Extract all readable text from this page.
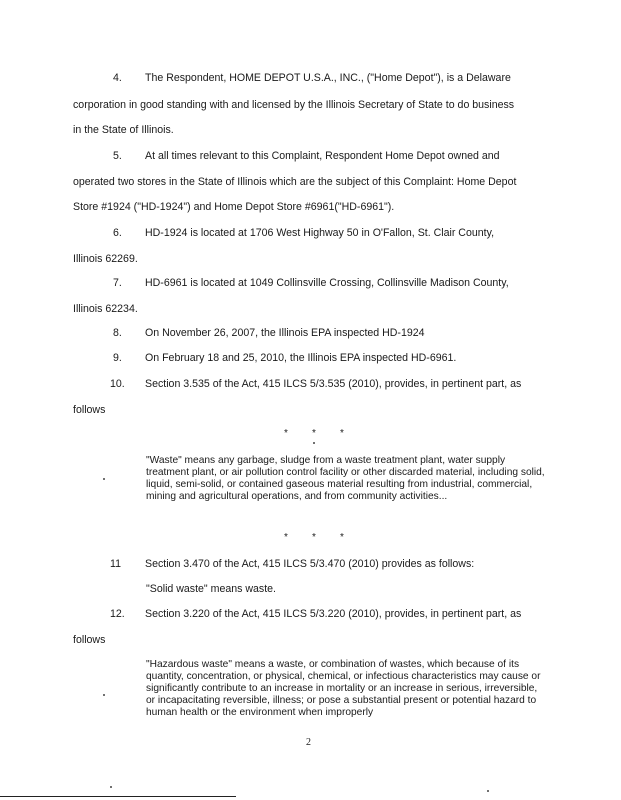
4. The Respondent, HOME DEPOT U.S.A., INC., ("Home Depot"), is a Delaware
corporation in good standing with and licensed by the Illinois Secretary of State to do business
in the State of Illinois.
5. At all times relevant to this Complaint, Respondent Home Depot owned and
operated two stores in the State of Illinois which are the subject of this Complaint: Home Depot
Store #1924 ("HD-1924") and Home Depot Store #6961("HD-6961").
6. HD-1924 is located at 1706 West Highway 50 in O'Fallon, St. Clair County,
Illinois 62269.
7. HD-6961 is located at 1049 Collinsville Crossing, Collinsville Madison County,
Illinois 62234.
8. On November 26, 2007, the Illinois EPA inspected HD-1924
9. On February 18 and 25, 2010, the Illinois EPA inspected HD-6961.
10. Section 3.535 of the Act, 415 ILCS 5/3.535 (2010), provides, in pertinent part, as
follows
* * *
"Waste" means any garbage, sludge from a waste treatment plant, water supply treatment plant, or air pollution control facility or other discarded material, including solid, liquid, semi-solid, or contained gaseous material resulting from industrial, commercial, mining and agricultural operations, and from community activities...
* * *
11 Section 3.470 of the Act, 415 ILCS 5/3.470 (2010) provides as follows:
"Solid waste" means waste.
12. Section 3.220 of the Act, 415 ILCS 5/3.220 (2010), provides, in pertinent part, as
follows
"Hazardous waste" means a waste, or combination of wastes, which because of its quantity, concentration, or physical, chemical, or infectious characteristics may cause or significantly contribute to an increase in mortality or an increase in serious, irreversible, or incapacitating reversible, illness; or pose a substantial present or potential hazard to human health or the environment when improperly
2
